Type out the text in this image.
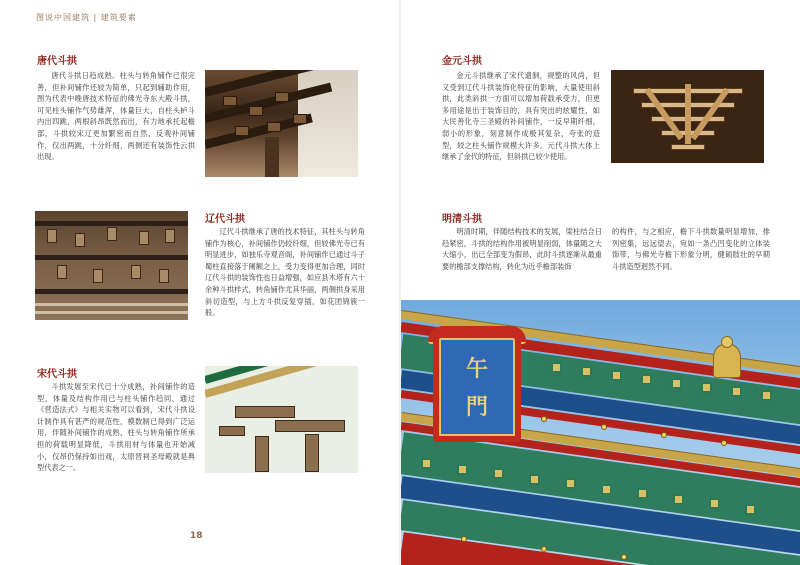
图说中国建筑 | 建筑要素
唐代斗拱

唐代斗拱日趋成熟。柱头与转角铺作已很完善，但补间铺作还较为简单，只起到辅助作用，图为代表中晚唐技术特征的佛光寺东大殿斗拱，可见柱头铺作气势雄浑，体量巨大，自柱头栌斗内出四跳，两根斜昂既然而出，有力地承托起檐部，斗拱较宋辽更加繁密而自然，反观补间铺作，仅出两跳，十分纤细，两侧还有装饰性云拱出现。

金元斗拱

金元斗拱继承了宋代遗制，规整的风尚，但又受到辽代斗拱装饰化特征的影响，大量使用斜拱，此类斜拱一方面可以增加荷载承受力，但更多用途是出于装饰目的，具有突出的炫耀性，如大民善化寺三圣殿的补间铺作，一反早期纤细，弱小的形象，刻意制作成极其复杂，夸张的造型，较之柱头铺作规模大许多。元代斗拱大体上继承了金代的特征，但斜拱已较少使用。

辽代斗拱

辽代斗拱继承了唐的技术特征，其柱头与转角铺作为核心，补间铺作仍较纤细，但较佛光寺已有明显进步，如独乐寺观音阁，补间铺作已通过斗子蜀柱直接落于阑额之上，受力变得更加合理，同时辽代斗拱的装饰性也日益增强，如应县木塔有六十余种斗拱样式，转角铺作尤其华丽，两侧拱身采用斜切造型，与上方斗拱反复穿插，如花团锦簇一般。

明清斗拱

明清时期，伴随结构技术的发展，梁柱结合日趋紧密，斗拱的结构作用被明显削弱，体量随之大大缩小，出已全部变为假昂，此时斗拱逐渐从最重要的檐部支撑结构，转化为近乎檐部装饰

的构件，与之相应，檐下斗拱数量明显增加，排列密集，远远望去，宛如一条凸凹变化的立体装饰带，与佛光寺檐下形象分明，健硕肢壮的早期斗拱造型迥然不同。

宋代斗拱

斗拱发展至宋代已十分成熟，补间铺作的造型，体量及结构作用已与柱头铺作趋同，通过《营造法式》与相关实物可以看到，宋代斗拱设计制作具有甚严的规范性，模数制已得到广泛运用，伴随补间铺作的成熟，柱头与转角铺作所承担的荷载明显降低，斗拱用材与体量也开始减小，仅昂仍保持如出戏，太原晋祠圣母殿就是典型代表之一。

18
午
門
